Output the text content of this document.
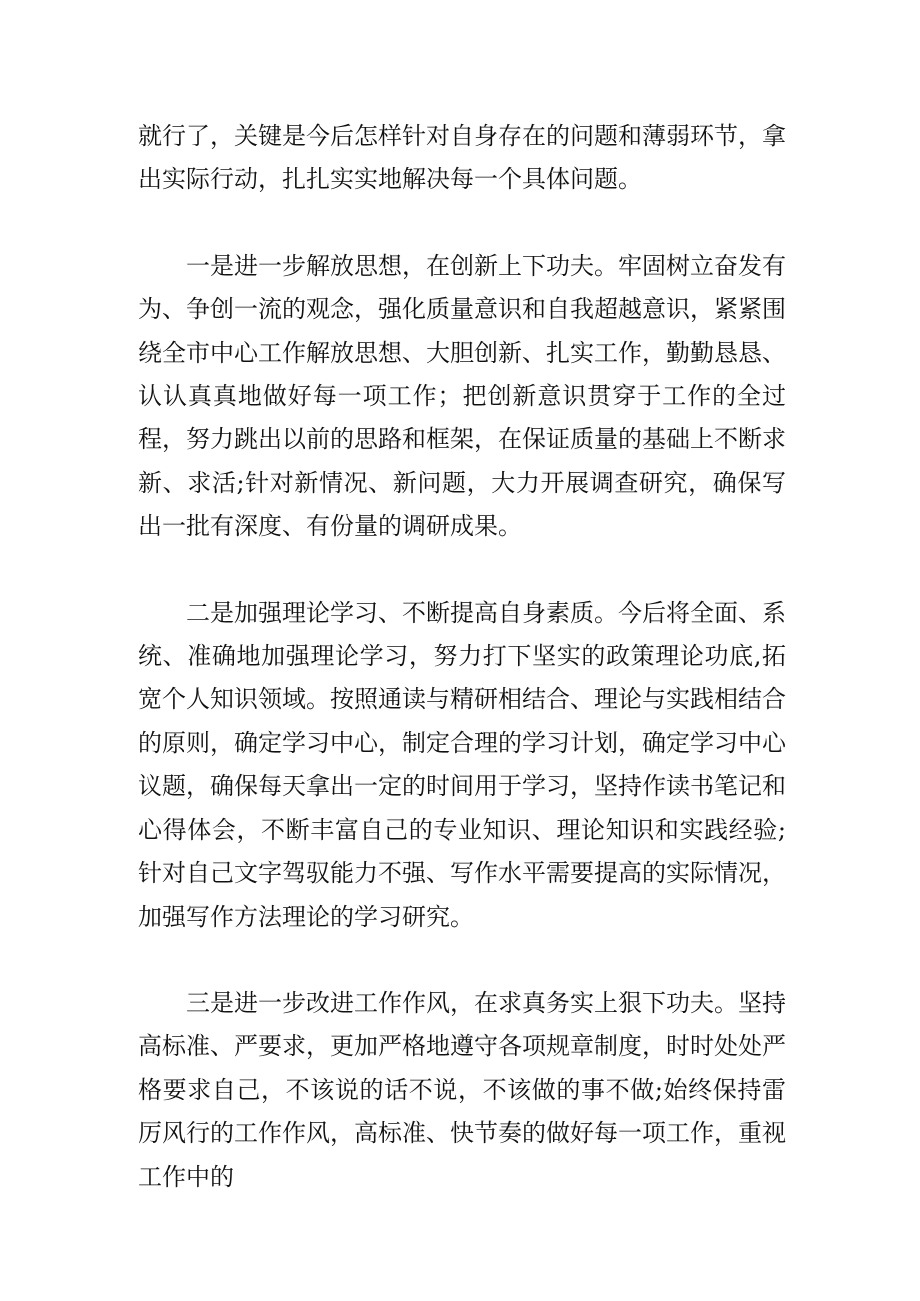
就行了，关键是今后怎样针对自身存在的问题和薄弱环节，拿出实际行动，扎扎实实地解决每一个具体问题。

一是进一步解放思想，在创新上下功夫。牢固树立奋发有为、争创一流的观念，强化质量意识和自我超越意识，紧紧围绕全市中心工作解放思想、大胆创新、扎实工作，勤勤恳恳、认认真真地做好每一项工作；把创新意识贯穿于工作的全过程，努力跳出以前的思路和框架，在保证质量的基础上不断求新、求活;针对新情况、新问题，大力开展调查研究，确保写出一批有深度、有份量的调研成果。

二是加强理论学习、不断提高自身素质。今后将全面、系统、准确地加强理论学习，努力打下坚实的政策理论功底,拓宽个人知识领域。按照通读与精研相结合、理论与实践相结合的原则，确定学习中心，制定合理的学习计划，确定学习中心议题，确保每天拿出一定的时间用于学习，坚持作读书笔记和心得体会，不断丰富自己的专业知识、理论知识和实践经验;针对自己文字驾驭能力不强、写作水平需要提高的实际情况，加强写作方法理论的学习研究。

三是进一步改进工作作风，在求真务实上狠下功夫。坚持高标准、严要求，更加严格地遵守各项规章制度，时时处处严格要求自己，不该说的话不说，不该做的事不做;始终保持雷厉风行的工作作风，高标准、快节奏的做好每一项工作，重视工作中的
